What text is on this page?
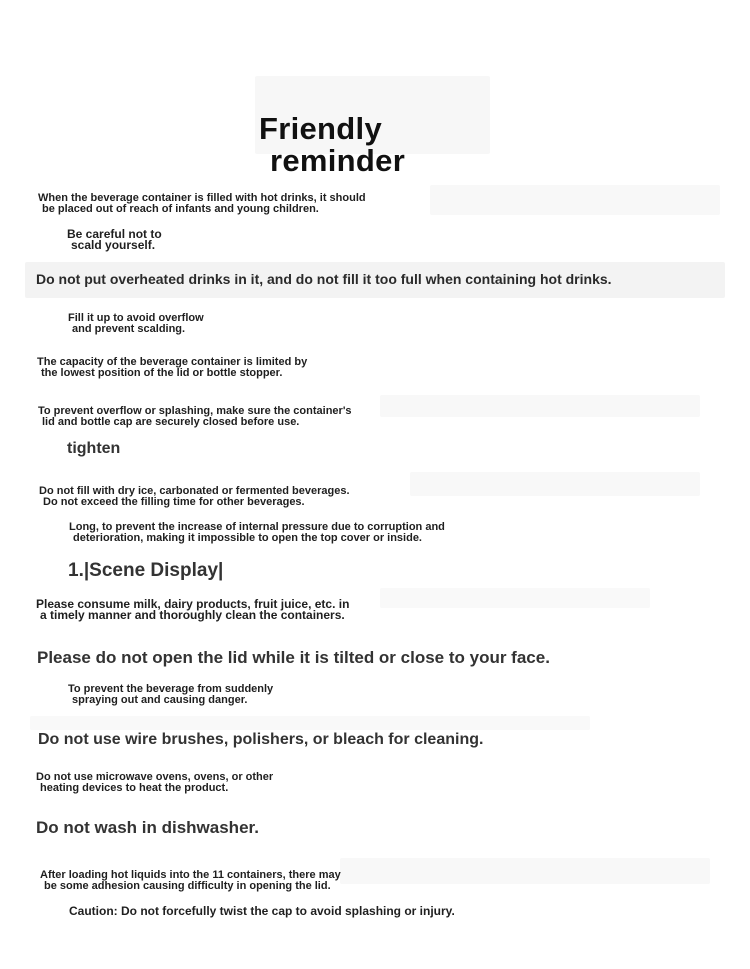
Friendly
reminder

When the beverage container is filled with hot drinks, it should
be placed out of reach of infants and young children.

Be careful not to
scald yourself.

Do not put overheated drinks in it, and do not fill it too full when containing hot drinks.

Fill it up to avoid overflow
and prevent scalding.

The capacity of the beverage container is limited by
the lowest position of the lid or bottle stopper.

To prevent overflow or splashing, make sure the container's
lid and bottle cap are securely closed before use.

tighten

Do not fill with dry ice, carbonated or fermented beverages.
Do not exceed the filling time for other beverages.

Long, to prevent the increase of internal pressure due to corruption and
deterioration, making it impossible to open the top cover or inside.

1.|Scene Display|

Please consume milk, dairy products, fruit juice, etc. in
a timely manner and thoroughly clean the containers.

Please do not open the lid while it is tilted or close to your face.

To prevent the beverage from suddenly
spraying out and causing danger.

Do not use wire brushes, polishers, or bleach for cleaning.

Do not use microwave ovens, ovens, or other
heating devices to heat the product.

Do not wash in dishwasher.

After loading hot liquids into the 11 containers, there may
be some adhesion causing difficulty in opening the lid.

Caution: Do not forcefully twist the cap to avoid splashing or injury.
